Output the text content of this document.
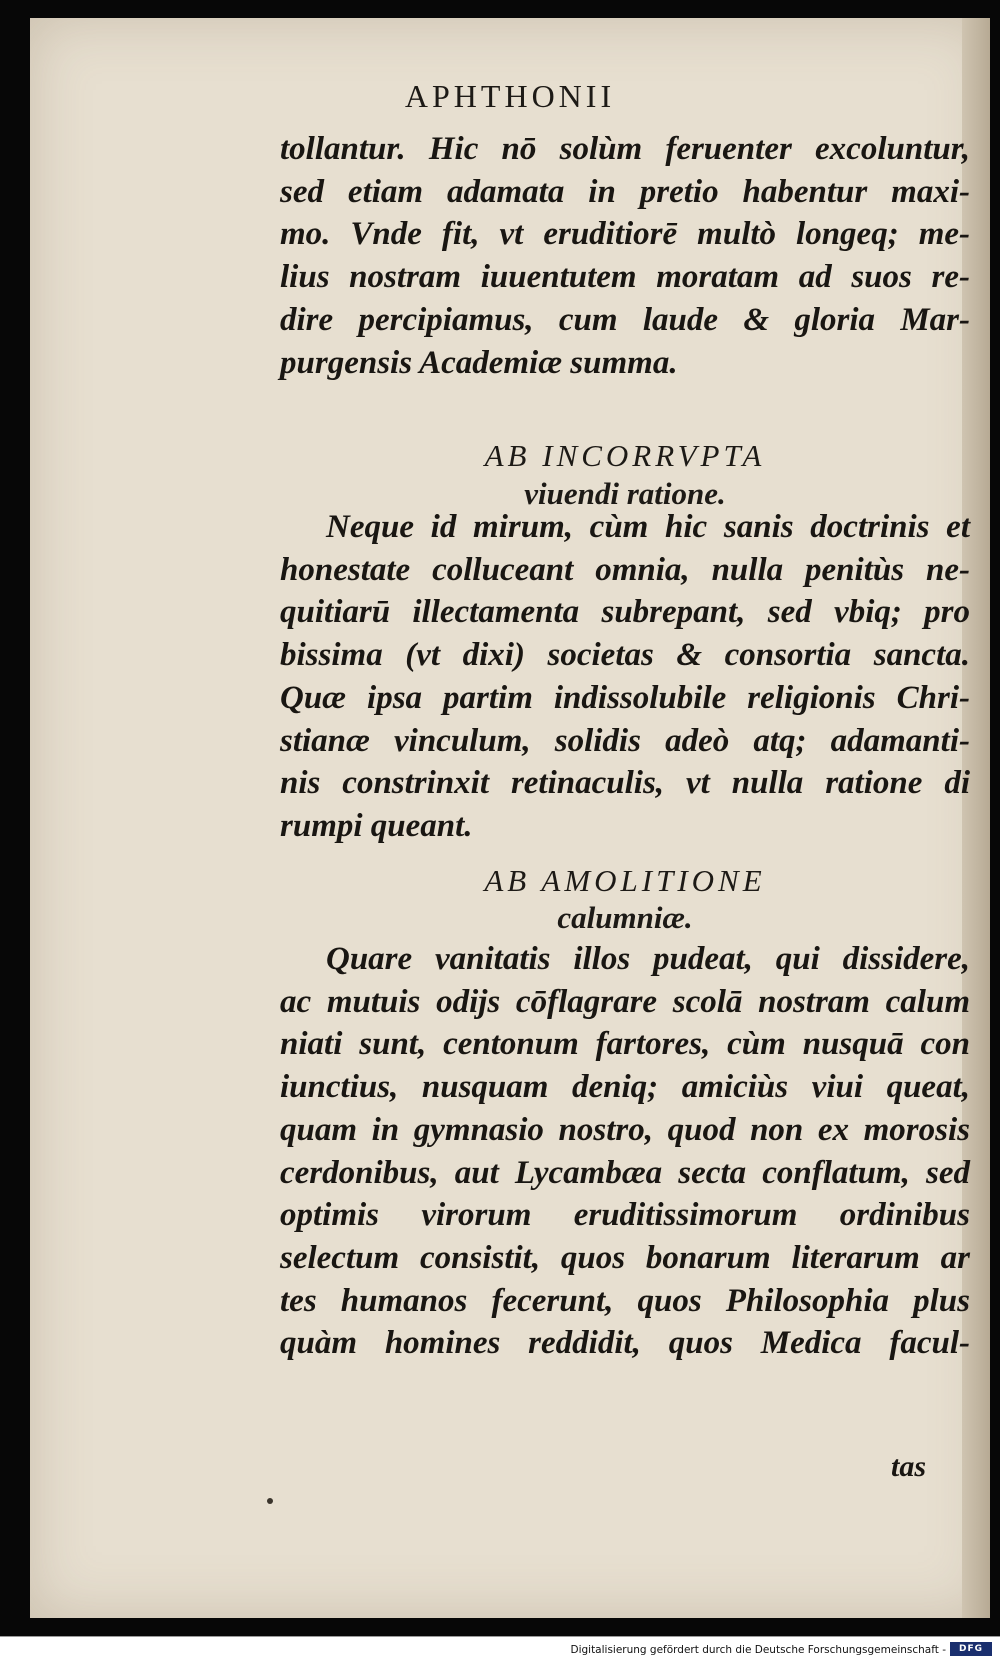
APHTHONII
tollantur. Hic nō solùm feruenter excoluntur,
sed etiam adamata in pretio habentur maxi-
mo. Vnde fit, vt eruditiorē multò longeq; me-
lius nostram iuuentutem moratam ad suos re-
dire percipiamus, cum laude & gloria Mar-
purgensis Academiæ summa.
AB INCORRVPTA
viuendi ratione.
Neque id mirum, cùm hic sanis doctrinis et
honestate colluceant omnia, nulla penitùs ne-
quitiarū illectamenta subrepant, sed vbiq; pro
bissima (vt dixi) societas & consortia sancta.
Quæ ipsa partim indissolubile religionis Chri-
stianæ vinculum, solidis adeò atq; adamanti-
nis constrinxit retinaculis, vt nulla ratione di
rumpi queant.
AB AMOLITIONE
calumniæ.
Quare vanitatis illos pudeat, qui dissidere,
ac mutuis odijs cōflagrare scolā nostram calum
niati sunt, centonum fartores, cùm nusquā con
iunctius, nusquam deniq; amiciùs viui queat,
quam in gymnasio nostro, quod non ex morosis
cerdonibus, aut Lycambæa secta conflatum, sed
optimis virorum eruditissimorum ordinibus
selectum consistit, quos bonarum literarum ar
tes humanos fecerunt, quos Philosophia plus
quàm homines reddidit, quos Medica facul-
tas
Digitalisierung gefördert durch die Deutsche Forschungsgemeinschaft -	DFG
